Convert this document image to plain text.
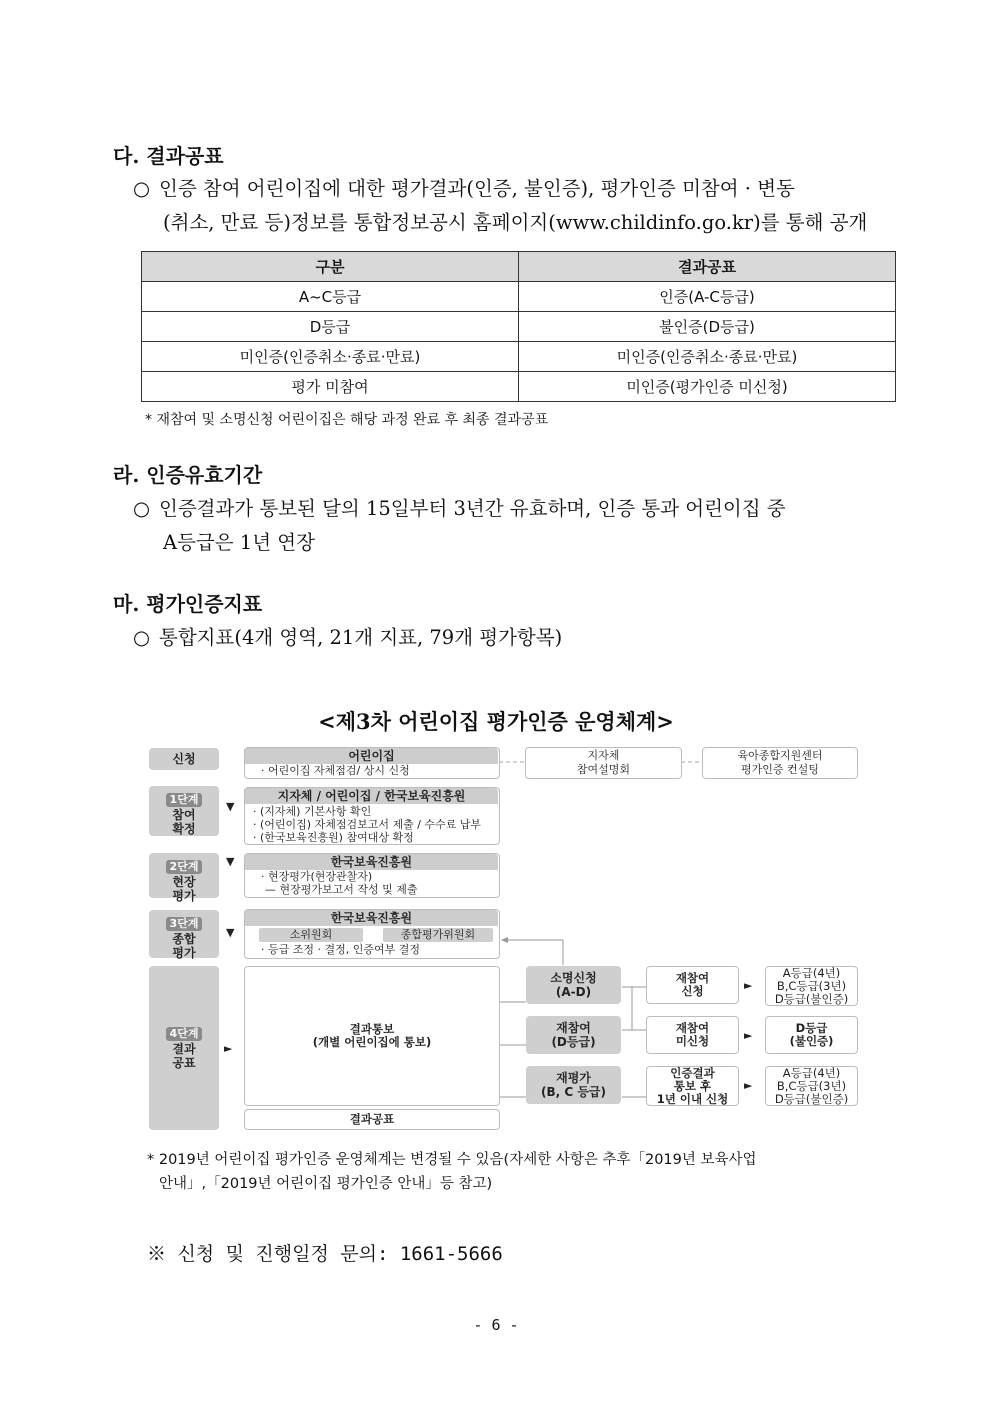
다. 결과공표
○ 인증 참여 어린이집에 대한 평가결과(인증, 불인증), 평가인증 미참여 · 변동
(취소, 만료 등)정보를 통합정보공시 홈페이지(www.childinfo.go.kr)를 통해 공개
구분	결과공표
A~C등급	인증(A-C등급)
D등급	불인증(D등급)
미인증(인증취소·종료·만료)	미인증(인증취소·종료·만료)
평가 미참여	미인증(평가인증 미신청)
* 재참여 및 소명신청 어린이집은 해당 과정 완료 후 최종 결과공표
라. 인증유효기간
○ 인증결과가 통보된 달의 15일부터 3년간 유효하며, 인증 통과 어린이집 중
A등급은 1년 연장
마. 평가인증지표
○ 통합지표(4개 영역, 21개 지표, 79개 평가항목)
<제3차 어린이집 평가인증 운영체계>
신청
1단계
참여
확정
2단계
현장
평가
3단계
종합
평가
4단계
결과
공표
▼
▼
▼
►
어린이집
· 어린이집 자체점검/ 상시 신청
지자체
참여설명회
육아종합지원센터
평가인증 컨설팅
지자체 / 어린이집 / 한국보육진흥원
· (지자체) 기본사항 확인
· (어린이집) 자체점검보고서 제출 / 수수료 납부
· (한국보육진흥원) 참여대상 확정
한국보육진흥원
· 현장평가(현장관찰자)
— 현장평가보고서 작성 및 제출
한국보육진흥원
소위원회	종합평가위원회
· 등급 조정 · 결정, 인증여부 결정
결과통보
(개별 어린이집에 통보)
결과공표
소명신청
(A-D)
재참여
(D등급)
재평가
(B, C 등급)
재참여
신청
재참여
미신청
인증결과
통보 후
1년 이내 신청
►
►
►
A등급(4년)
B,C등급(3년)
D등급(불인증)
D등급
(불인증)
A등급(4년)
B,C등급(3년)
D등급(불인증)
* 2019년 어린이집 평가인증 운영체계는 변경될 수 있음(자세한 사항은 추후「2019년 보육사업
안내」,「2019년 어린이집 평가인증 안내」등 참고)
※ 신청 및 진행일정 문의: 1661-5666
- 6 -
